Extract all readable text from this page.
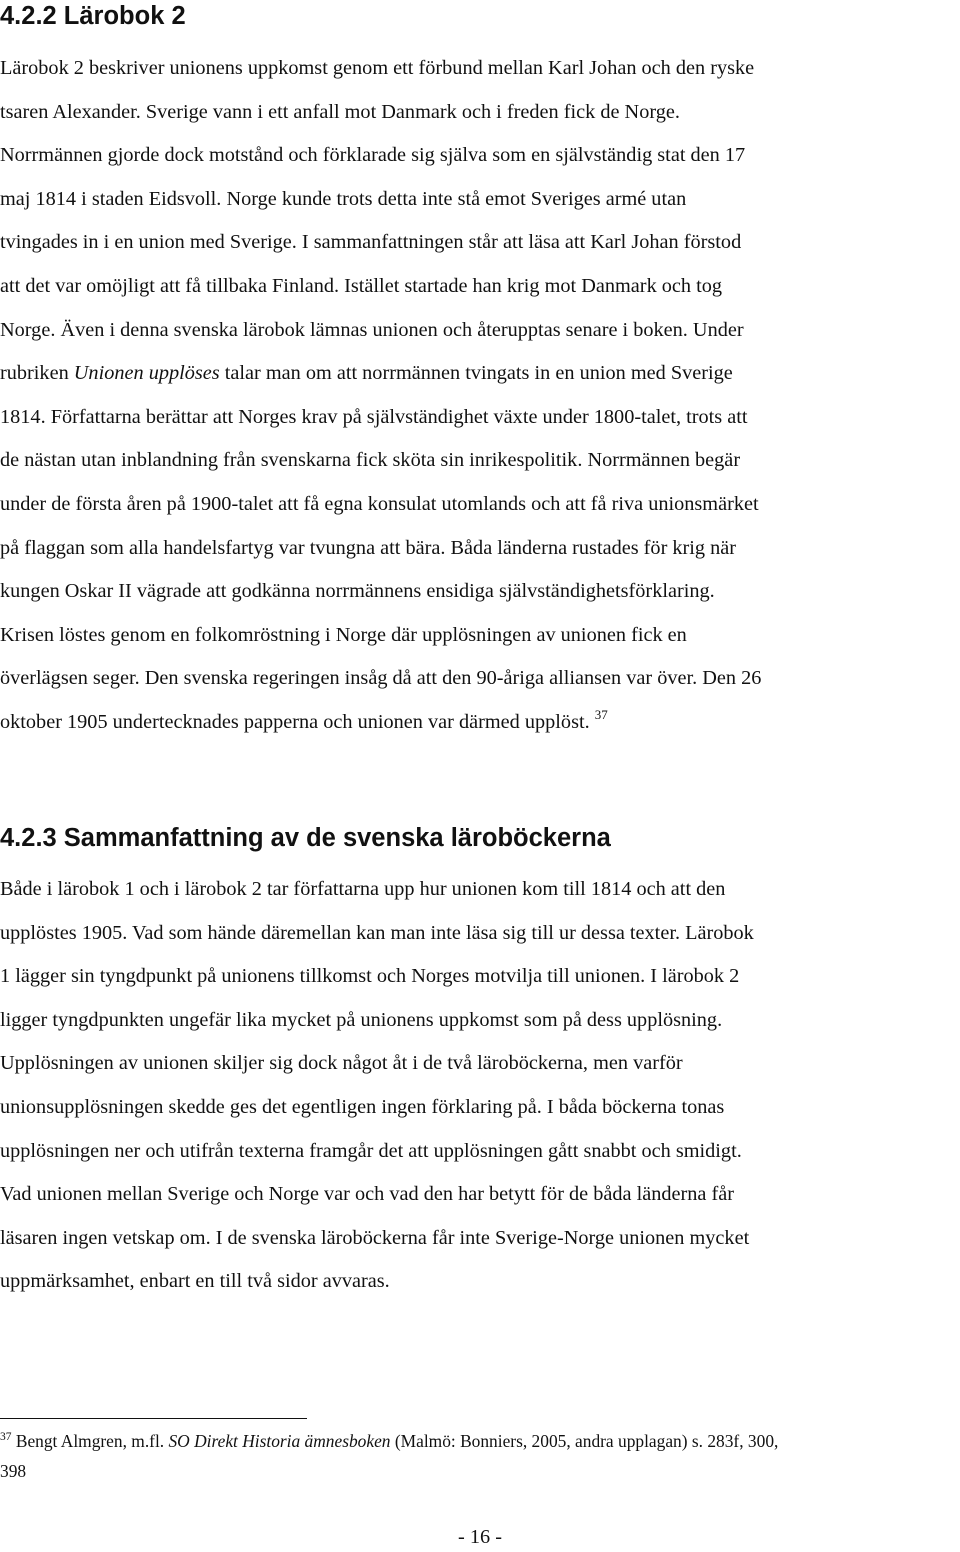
4.2.2 Lärobok 2
Lärobok 2 beskriver unionens uppkomst genom ett förbund mellan Karl Johan och den ryske
tsaren Alexander. Sverige vann i ett anfall mot Danmark och i freden fick de Norge.
Norrmännen gjorde dock motstånd och förklarade sig själva som en självständig stat den 17
maj 1814 i staden Eidsvoll. Norge kunde trots detta inte stå emot Sveriges armé utan
tvingades in i en union med Sverige. I sammanfattningen står att läsa att Karl Johan förstod
att det var omöjligt att få tillbaka Finland. Istället startade han krig mot Danmark och tog
Norge. Även i denna svenska lärobok lämnas unionen och återupptas senare i boken. Under
rubriken Unionen upplöses talar man om att norrmännen tvingats in en union med Sverige
1814. Författarna berättar att Norges krav på självständighet växte under 1800-talet, trots att
de nästan utan inblandning från svenskarna fick sköta sin inrikespolitik. Norrmännen begär
under de första åren på 1900-talet att få egna konsulat utomlands och att få riva unionsmärket
på flaggan som alla handelsfartyg var tvungna att bära. Båda länderna rustades för krig när
kungen Oskar II vägrade att godkänna norrmännens ensidiga självständighetsförklaring.
Krisen löstes genom en folkomröstning i Norge där upplösningen av unionen fick en
överlägsen seger. Den svenska regeringen insåg då att den 90-åriga alliansen var över. Den 26
oktober 1905 undertecknades papperna och unionen var därmed upplöst. $^{37}$
4.2.3 Sammanfattning av de svenska läroböckerna
Både i lärobok 1 och i lärobok 2 tar författarna upp hur unionen kom till 1814 och att den
upplöstes 1905. Vad som hände däremellan kan man inte läsa sig till ur dessa texter. Lärobok
1 lägger sin tyngdpunkt på unionens tillkomst och Norges motvilja till unionen. I lärobok 2
ligger tyngdpunkten ungefär lika mycket på unionens uppkomst som på dess upplösning.
Upplösningen av unionen skiljer sig dock något åt i de två läroböckerna, men varför
unionsupplösningen skedde ges det egentligen ingen förklaring på. I båda böckerna tonas
upplösningen ner och utifrån texterna framgår det att upplösningen gått snabbt och smidigt.
Vad unionen mellan Sverige och Norge var och vad den har betytt för de båda länderna får
läsaren ingen vetskap om. I de svenska läroböckerna får inte Sverige-Norge unionen mycket
uppmärksamhet, enbart en till två sidor avvaras.
$^{37}$ Bengt Almgren, m.fl. SO Direkt Historia ämnesboken (Malmö: Bonniers, 2005, andra upplagan) s. 283f, 300,
398
- 16 -
